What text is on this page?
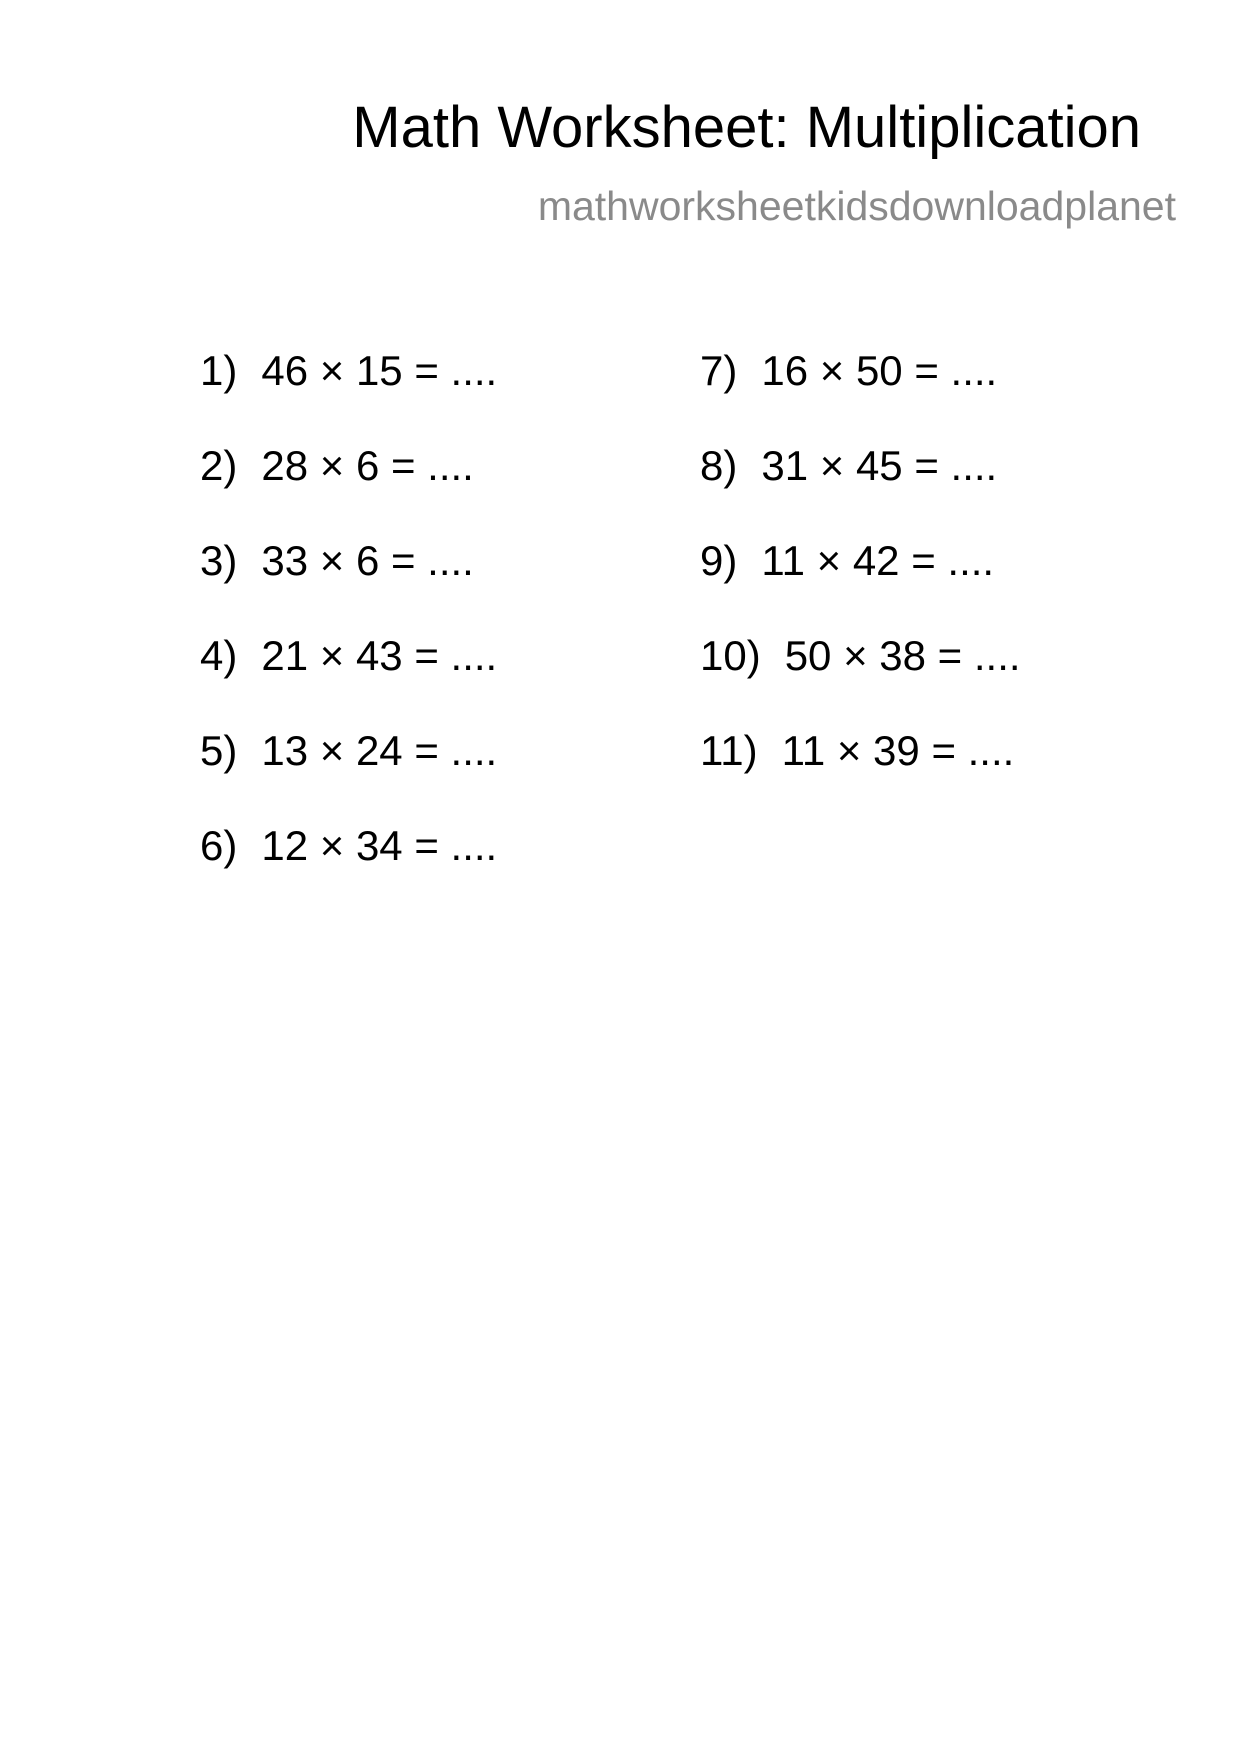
Math Worksheet: Multiplication
mathworksheetkidsdownloadplanet
1) 46 × 15 = ....
2) 28 × 6 = ....
3) 33 × 6 = ....
4) 21 × 43 = ....
5) 13 × 24 = ....
6) 12 × 34 = ....
7) 16 × 50 = ....
8) 31 × 45 = ....
9) 11 × 42 = ....
10) 50 × 38 = ....
11) 11 × 39 = ....
